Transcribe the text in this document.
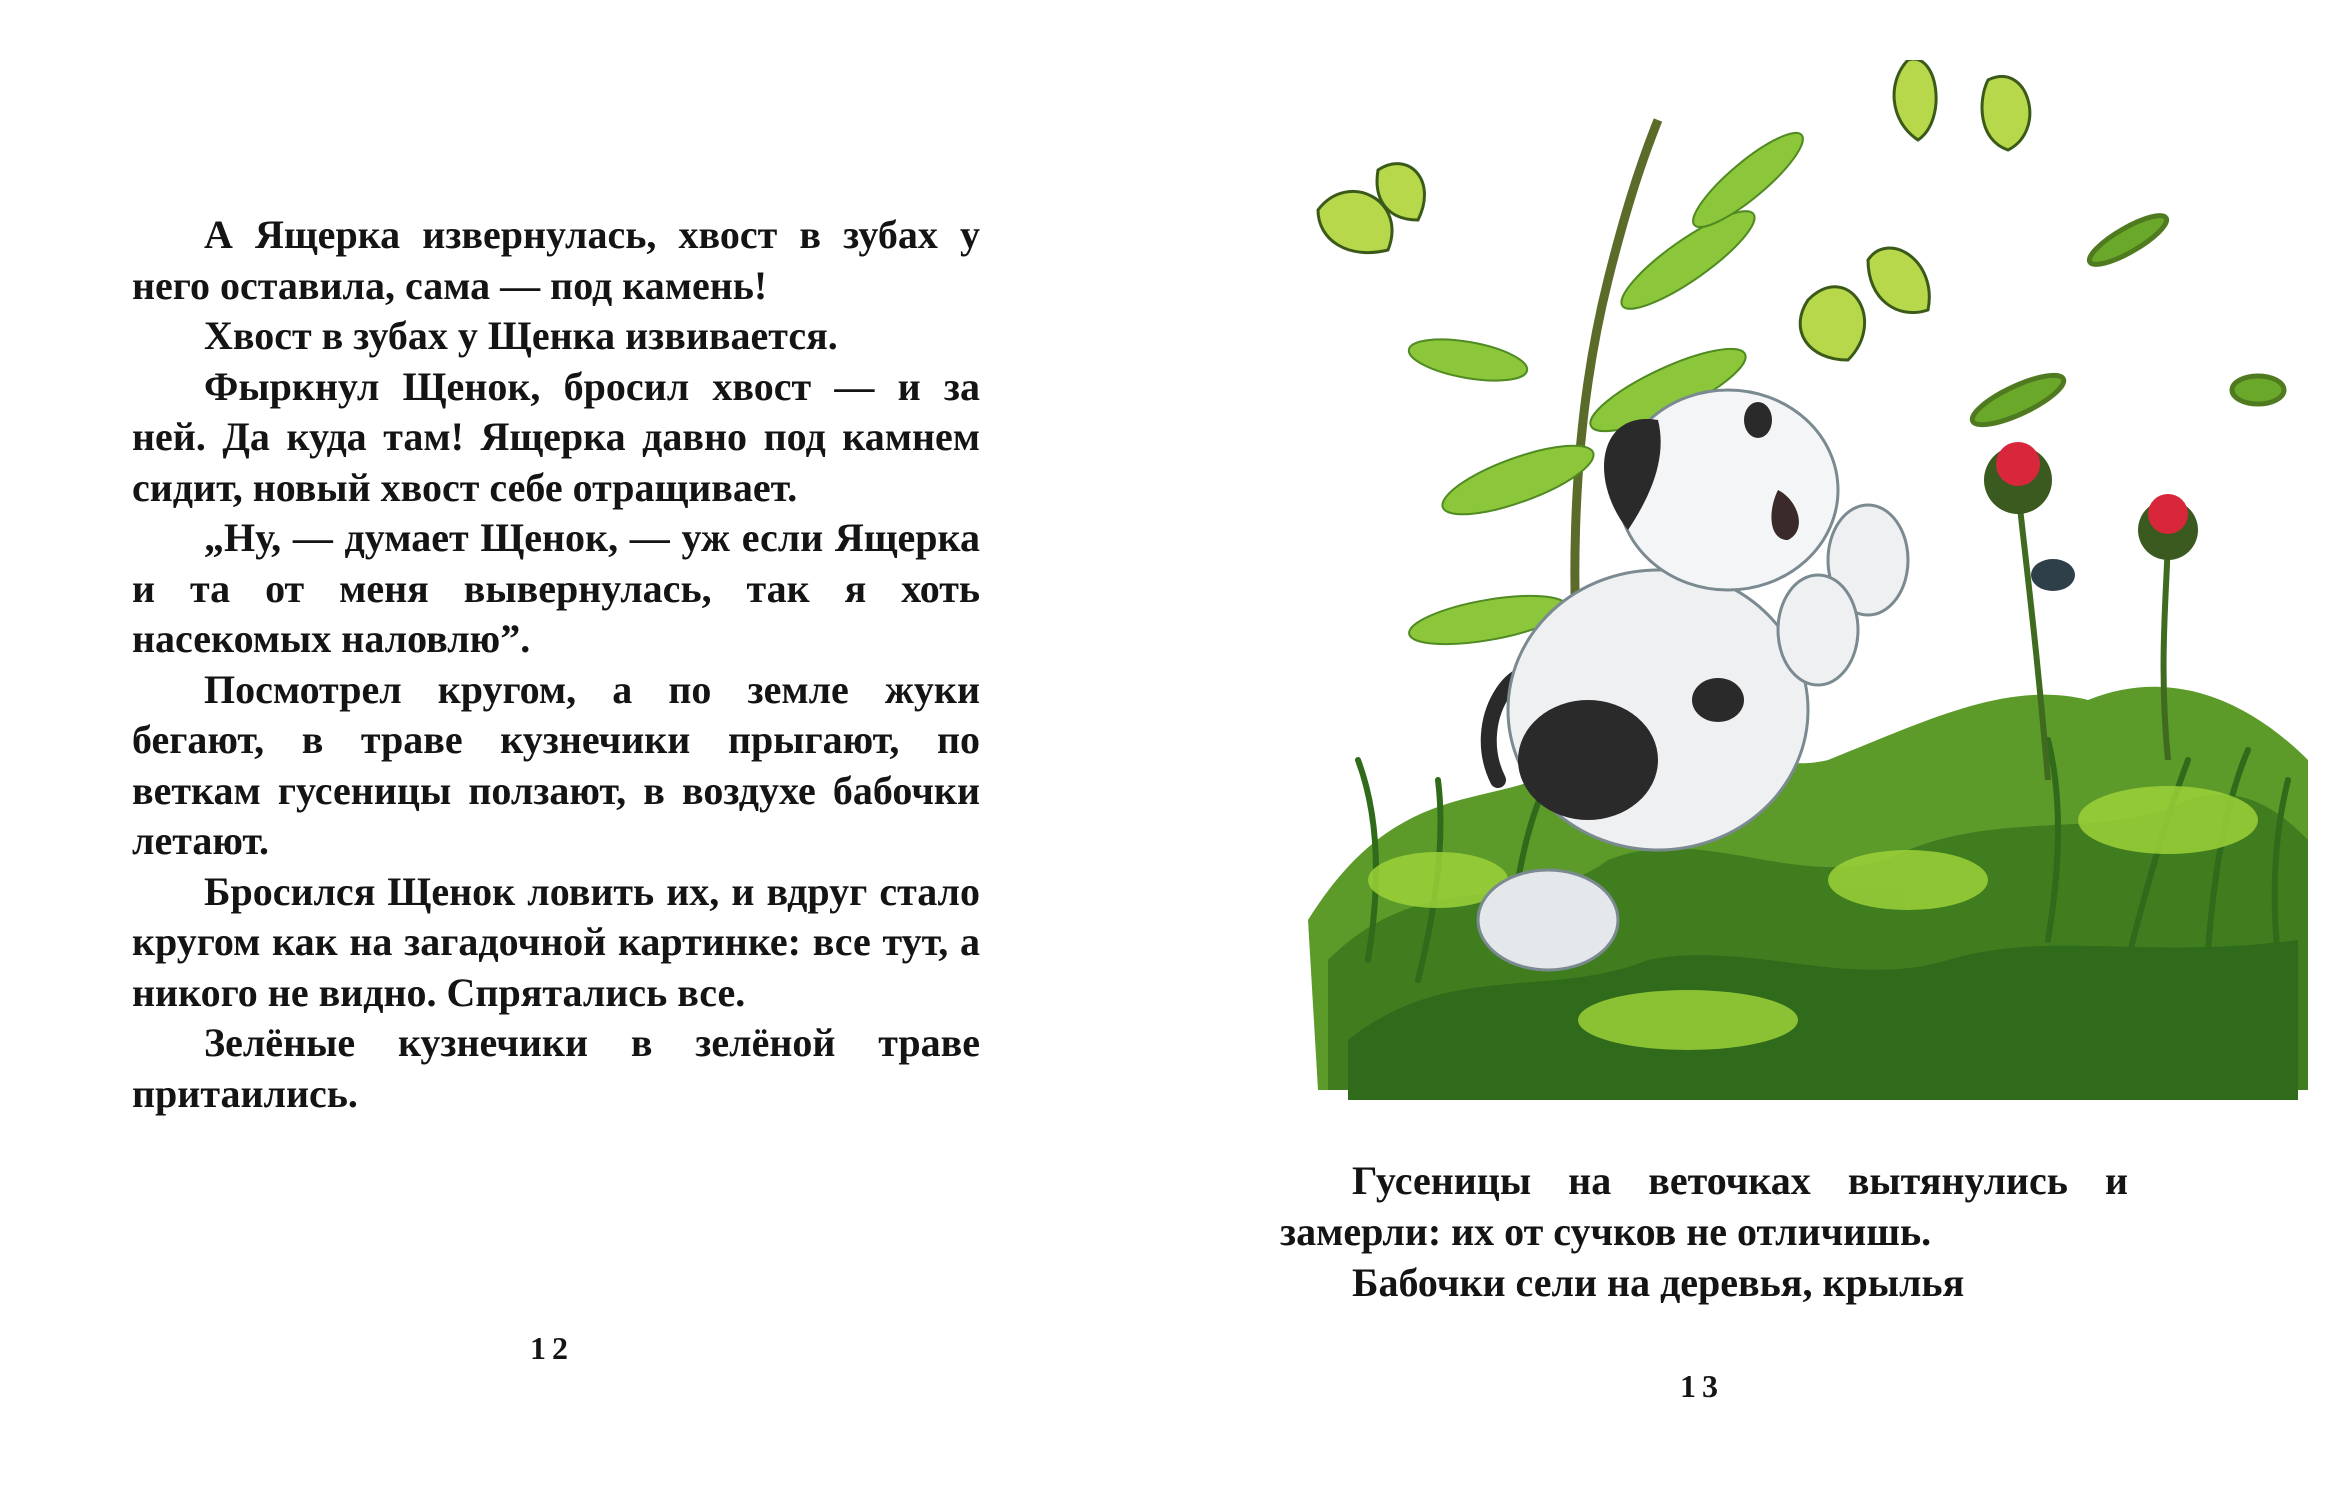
А Ящерка извернулась, хвост в зубах у него оставила, сама — под камень!

Хвост в зубах у Щенка извивается.

Фыркнул Щенок, бросил хвост — и за ней. Да куда там! Ящерка давно под камнем сидит, новый хвост себе отращивает.

„Ну, — думает Щенок, — уж если Ящерка и та от меня вывернулась, так я хоть насекомых наловлю”.

Посмотрел кругом, а по земле жуки бегают, в траве кузнечики прыгают, по веткам гусеницы ползают, в воздухе бабочки летают.

Бросился Щенок ловить их, и вдруг стало кругом как на загадочной картинке: все тут, а никого не видно. Спрятались все.

Зелёные кузнечики в зелёной траве притаились.

12

Гусеницы на веточках вытянулись и замерли: их от сучков не отличишь.

Бабочки сели на деревья, крылья

13
